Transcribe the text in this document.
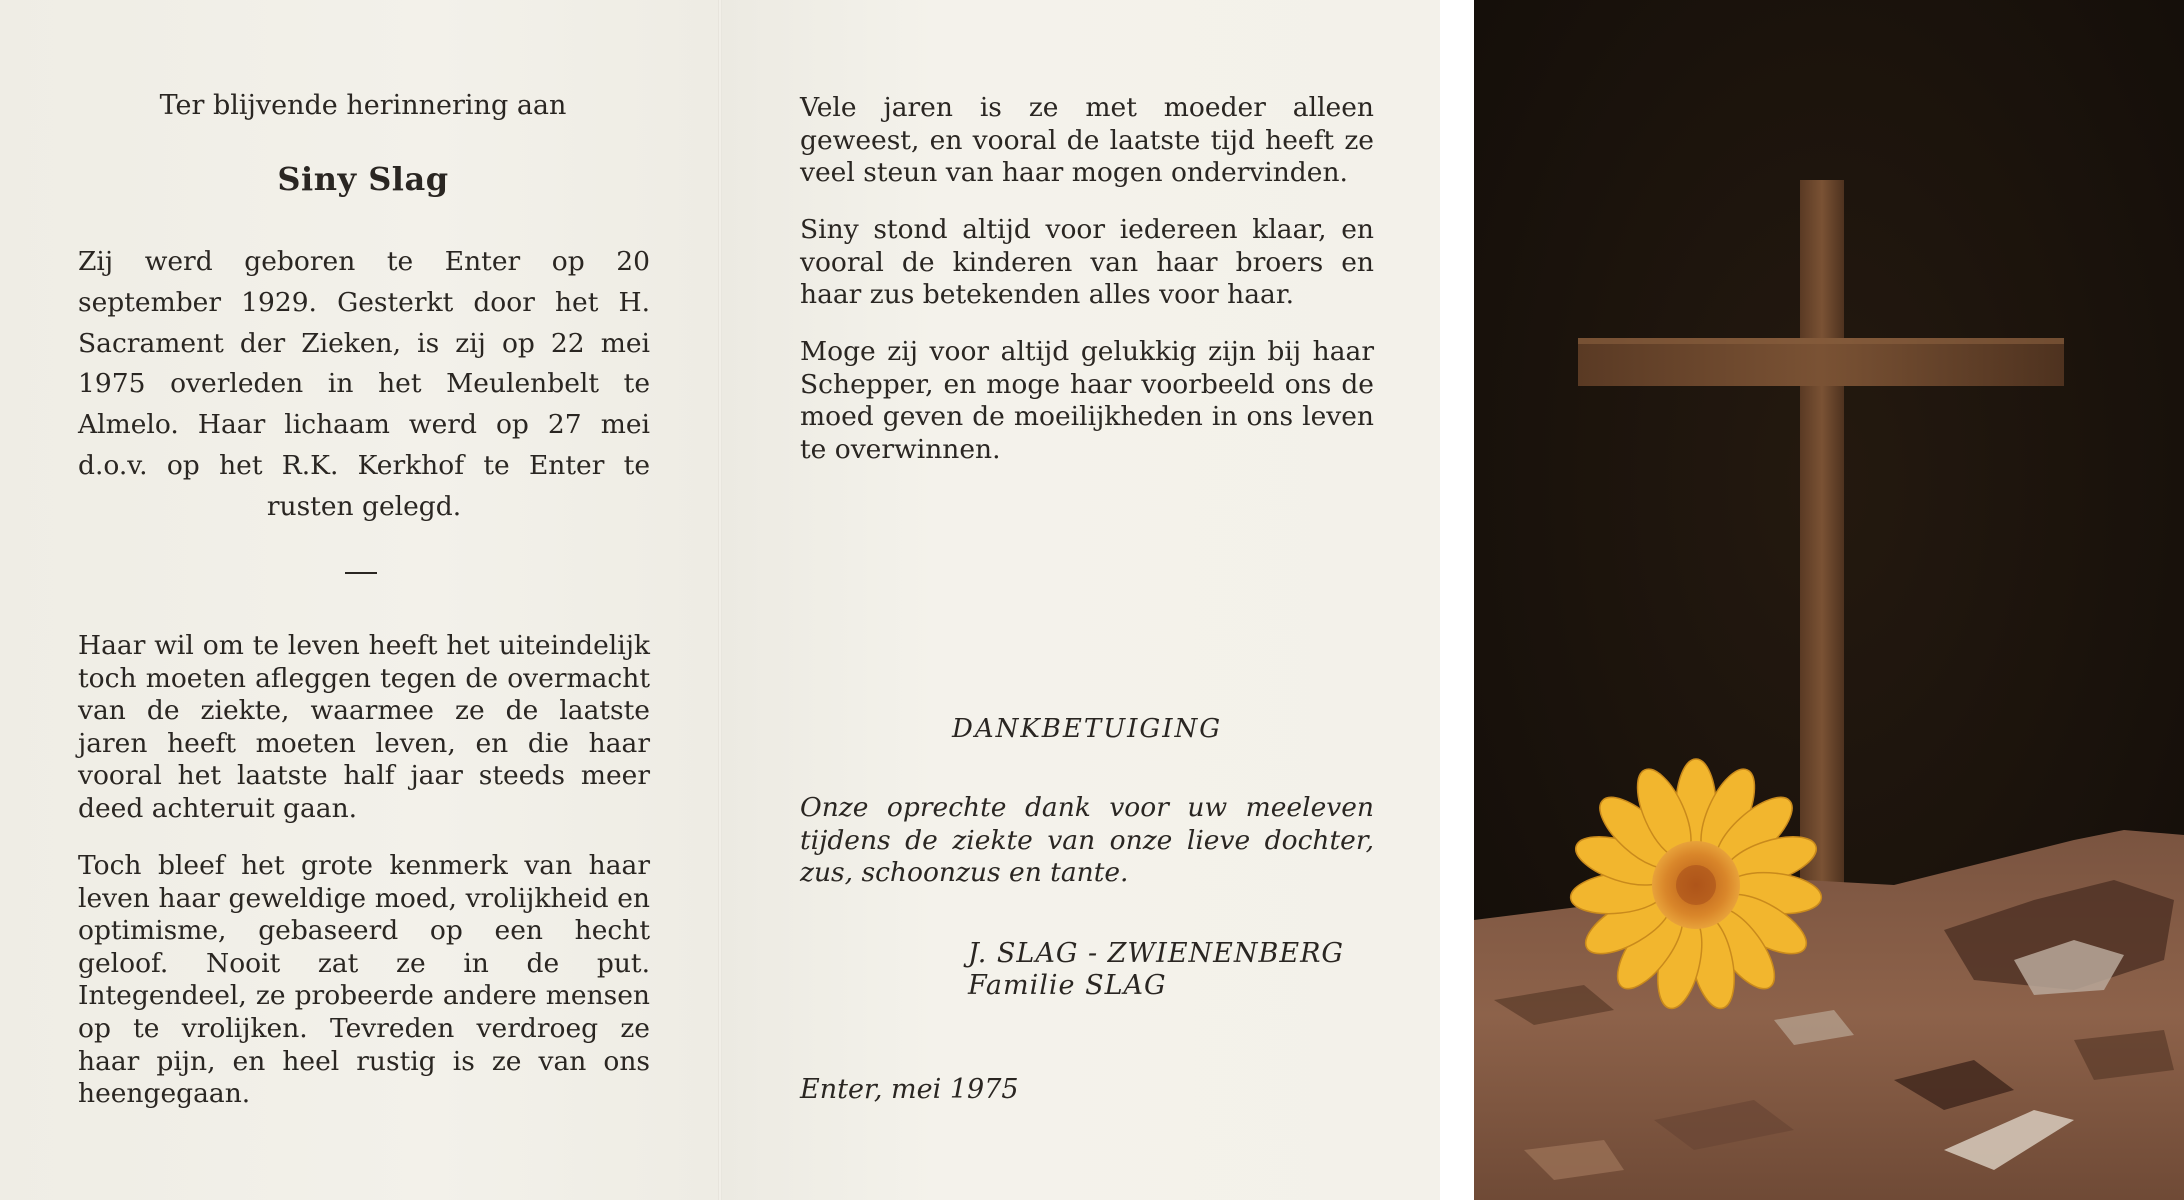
Ter blijvende herinnering aan
Siny Slag

Zij werd geboren te Enter op 20 september 1929. Gesterkt door het H. Sacrament der Zieken, is zij op 22 mei 1975 overleden in het Meulenbelt te Almelo. Haar lichaam werd op 27 mei d.o.v. op het R.K. Kerkhof te Enter te rusten gelegd.

Haar wil om te leven heeft het uiteindelijk toch moeten afleggen tegen de overmacht van de ziekte, waarmee ze de laatste jaren heeft moeten leven, en die haar vooral het laatste half jaar steeds meer deed achteruit gaan.

Toch bleef het grote kenmerk van haar leven haar geweldige moed, vrolijkheid en optimisme, gebaseerd op een hecht geloof. Nooit zat ze in de put. Integendeel, ze probeerde andere mensen op te vrolijken. Tevreden verdroeg ze haar pijn, en heel rustig is ze van ons heengegaan.

Vele jaren is ze met moeder alleen geweest, en vooral de laatste tijd heeft ze veel steun van haar mogen ondervinden.

Siny stond altijd voor iedereen klaar, en vooral de kinderen van haar broers en haar zus betekenden alles voor haar.

Moge zij voor altijd gelukkig zijn bij haar Schepper, en moge haar voorbeeld ons de moed geven de moeilijkheden in ons leven te overwinnen.

DANKBETUIGING

Onze oprechte dank voor uw meeleven tijdens de ziekte van onze lieve dochter, zus, schoonzus en tante.

J. SLAG - ZWIENENBERG
Familie SLAG
Enter, mei 1975
